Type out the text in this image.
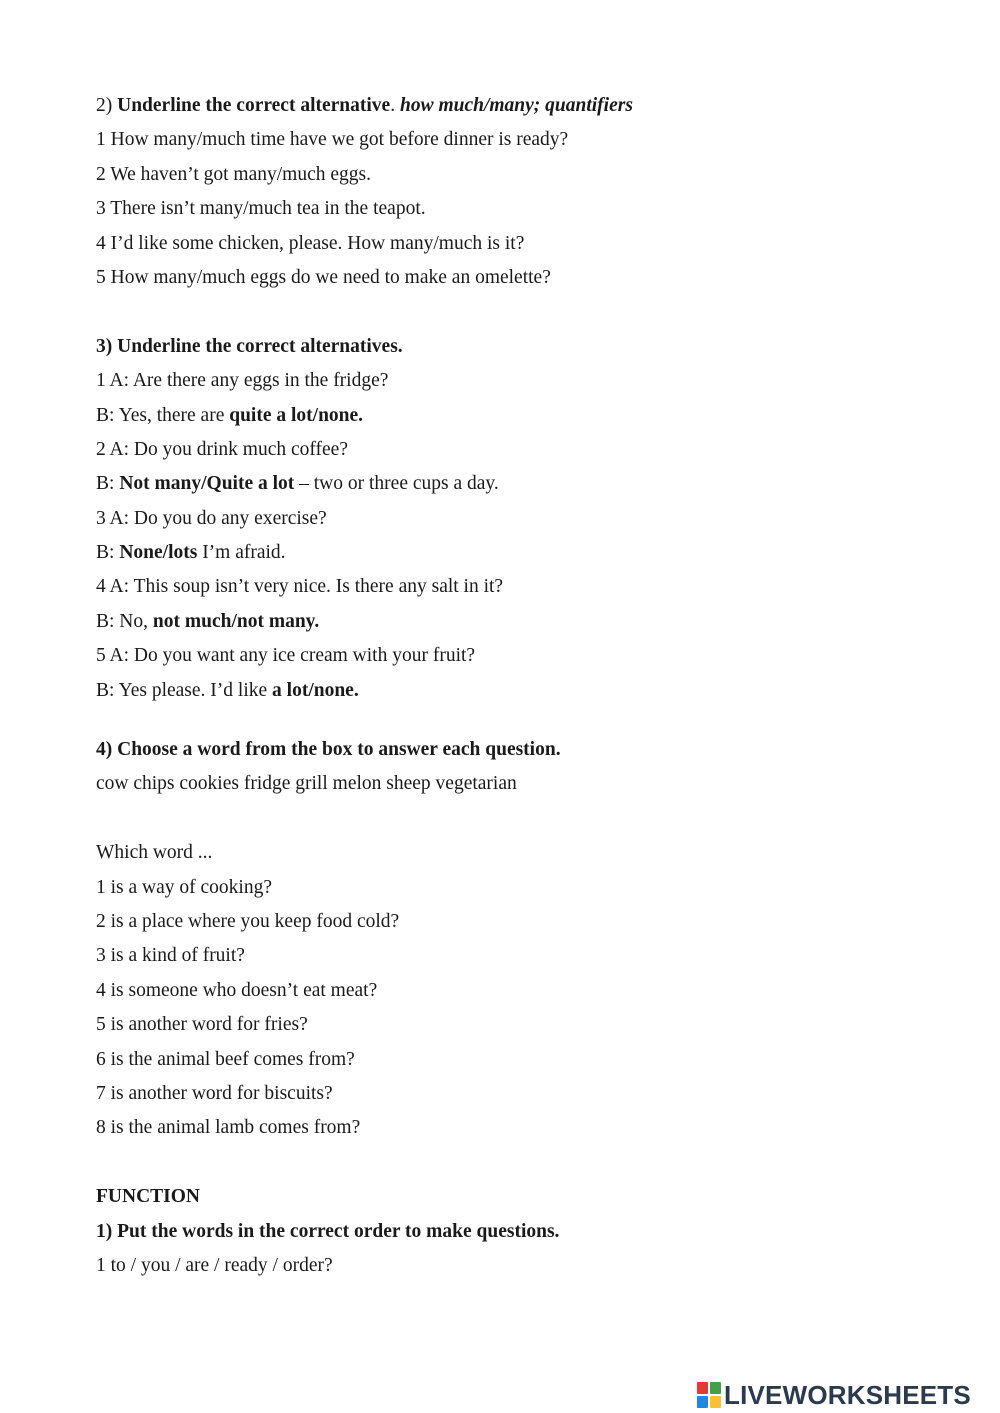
2) Underline the correct alternative. how much/many; quantifiers
1 How many/much time have we got before dinner is ready?
2 We haven’t got many/much eggs.
3 There isn’t many/much tea in the teapot.
4 I’d like some chicken, please. How many/much is it?
5 How many/much eggs do we need to make an omelette?
3) Underline the correct alternatives.
1 A: Are there any eggs in the fridge?
B: Yes, there are quite a lot/none.
2 A: Do you drink much coffee?
B: Not many/Quite a lot – two or three cups a day.
3 A: Do you do any exercise?
B: None/lots I’m afraid.
4 A: This soup isn’t very nice. Is there any salt in it?
B: No, not much/not many.
5 A: Do you want any ice cream with your fruit?
B: Yes please. I’d like a lot/none.
4) Choose a word from the box to answer each question.
cow chips cookies fridge grill melon sheep vegetarian
Which word ...
1 is a way of cooking?
2 is a place where you keep food cold?
3 is a kind of fruit?
4 is someone who doesn’t eat meat?
5 is another word for fries?
6 is the animal beef comes from?
7 is another word for biscuits?
8 is the animal lamb comes from?
FUNCTION
1) Put the words in the correct order to make questions.
1 to / you / are / ready / order?
LIVEWORKSHEETS
